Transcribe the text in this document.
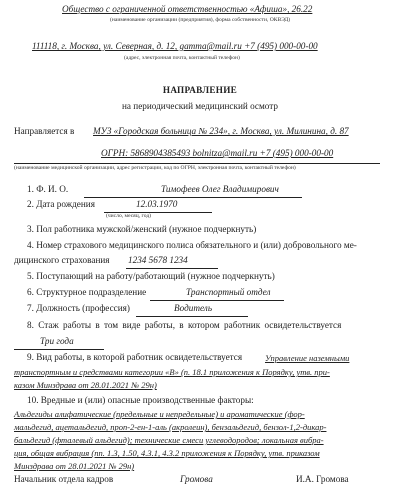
Общество с ограниченной ответственностью «Афиша», 26.22
(наименование организации (предприятия), форма собственности, ОКВЭД)
111118, г. Москва, ул. Северная, д. 12, gamma@mail.ru +7 (495) 000-00-00
(адрес, электронная почта, контактный телефон)
НАПРАВЛЕНИЕ
на периодический медицинский осмотр
Направляется в МУЗ «Городская больница № 234», г. Москва, ул. Милинина, д. 87
ОГРН: 5868904385493 bolnitza@mail.ru +7 (495) 000-00-00
(наименование медицинской организации, адрес регистрации, код по ОГРН, электронная почта, контактный телефон)
1. Ф. И. О.	Тимофеев Олег Владимирович
2. Дата рождения	12.03.1970
(число, месяц, год)
3. Пол работника мужской/женский (нужное подчеркнуть)
4. Номер страхового медицинского полиса обязательного и (или) добровольного ме-
дицинского страхования 1234 5678 1234
5. Поступающий на работу/работающий (нужное подчеркнуть)
6. Структурное подразделение	Транспортный отдел
7. Должность (профессия)	Водитель
8. Стаж работы в том виде работы, в котором работник освидетельствуется
Три года
9. Вид работы, в которой работник освидетельствуется	Управление наземными
транспортным и средствами категории «В» (п. 18.1 приложения к Порядку, утв. при-
казом Минздрава от 28.01.2021 № 29н)
10. Вредные и (или) опасные производственные факторы:
Альдегиды алифатические (предельные и непредельные) и ароматические (фор-
мальдегид, ацетальдегид, проп-2-ен-1-аль (акролеин), бензальдегид, бензол-1,2-дикар-
бальдегид (фталевый альдегид); технические смеси углеводородов; локальная вибра-
ция, общая вибрация (пп. 1.3, 1.50, 4.3.1, 4.3.2 приложения к Порядку, утв. приказом
Минздрава от 28.01.2021 № 29н)
Начальник отдела кадров	Громова	И.А. Громова
